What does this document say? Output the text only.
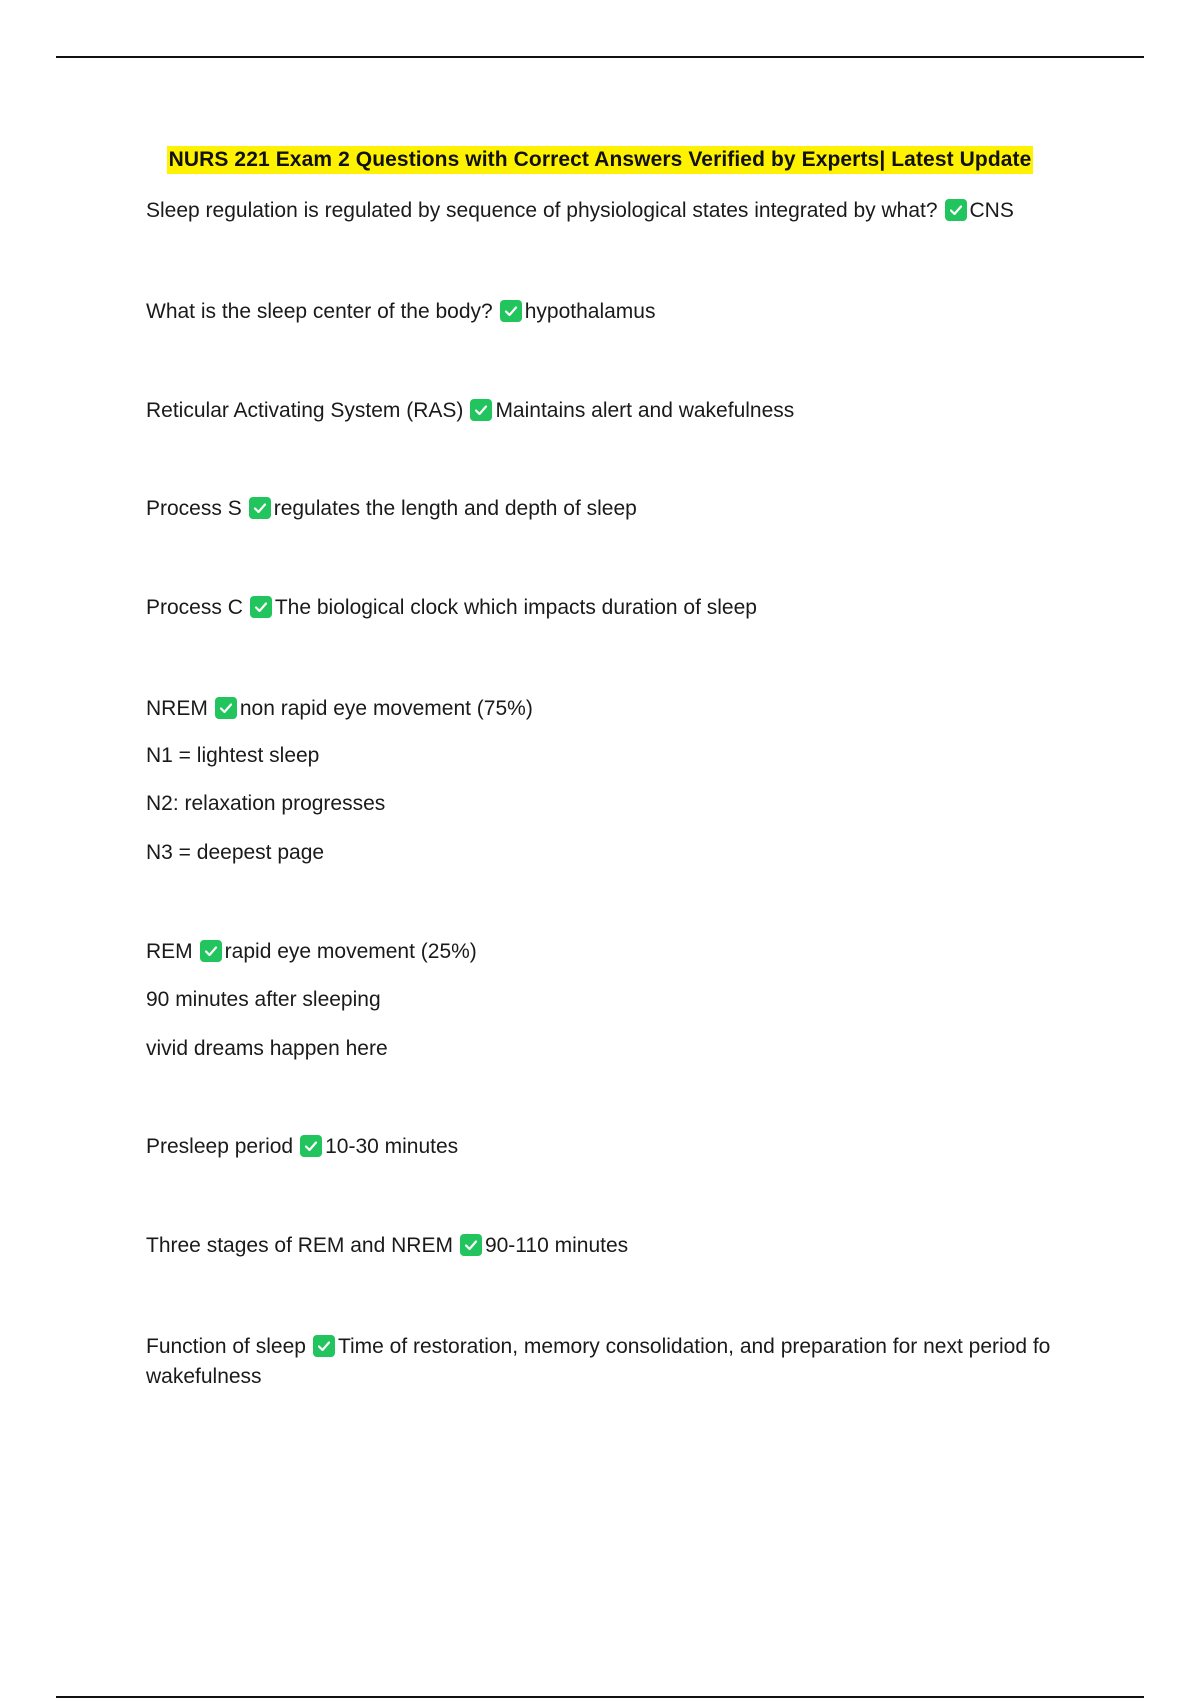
NURS 221 Exam 2 Questions with Correct Answers Verified by Experts| Latest Update
Sleep regulation is regulated by sequence of physiological states integrated by what? CNS
What is the sleep center of the body? hypothalamus
Reticular Activating System (RAS) Maintains alert and wakefulness
Process S regulates the length and depth of sleep
Process C The biological clock which impacts duration of sleep
NREM non rapid eye movement (75%)
N1 = lightest sleep
N2: relaxation progresses
N3 = deepest page
REM rapid eye movement (25%)
90 minutes after sleeping
vivid dreams happen here
Presleep period 10-30 minutes
Three stages of REM and NREM 90-110 minutes
Function of sleep Time of restoration, memory consolidation, and preparation for next period fo wakefulness
